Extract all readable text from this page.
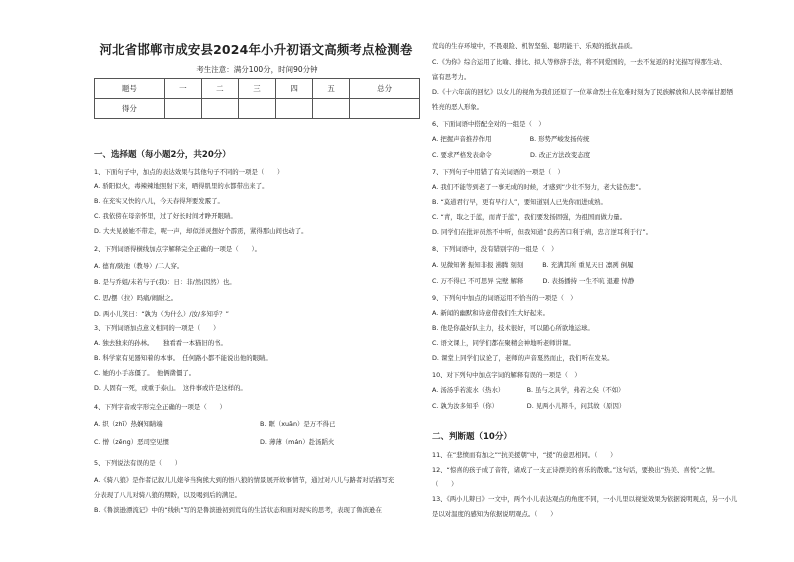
河北省邯郸市成安县2024年小升初语文高频考点检测卷
考生注意：满分100分，时间90分钟
题号	一	二	三	四	五	总分
得分						
一、选择题（每小题2分，共20分）
1、下面句子中，加点的表达效果与其他句子不同的一项是（　　）
A. 骄阳似火，毒辣辣地照射下来，晒得肌里的水都带出来了。
B. 在充实又快的八儿，今天春得拜要发霰了。
C. 我依傍在母亲怀里，过了好长时间才睁开眼睛。
D. 大夫见被她不带走，呢一声，却似洋灵想好个霹雳，紧得那山间也动了。
2、下列词语得横线加点字解释完全正确的一项是（　　）。
A. 德育/陂池（教导）/二人穿。
B. 是与乔姐/未若与子(我)：日：非/然(因然）也。
C. 思/摆（拉）吗痛/闹耐之。
D. 两小儿笑曰：“孰为（为什么）/汝/多知乎？”
3、下列词语加点意义相同的一项是（　　）
A. 独去独来的孙林。　　独看看一本猫旧的书。
B. 科学家有见器知着的本事。　任何路小都不能说出他的眼睛。
C. 她的小手冻僵了。　他俩凿僵了。
D. 人固有一死，或重于泰山。　这件事或许是这样的。
4、下列字音或字形完全正确的一项是（　　）
A. 织（zhī）热娴知睛端	B. 眶（xuān）是万不得已
C. 憎（zēng）恶司空见惯	D. 薄薄（mán）赴汤蹈火
5、下列说法有误的是（　　）
A.《骑八狼》是作者记叙儿儿姥爷当狗熊大到的悟八狼的情景展开故事情节，通过对八儿与路者对话描写充
分表现了八儿对骑八狼的期盼，以及喝到后的满足。
B.《鲁滨逊漂流记》中的“线轨”写的是鲁滨逊初到荒岛的生活状态和面对现实的思考，表现了鲁滨逊在
荒岛的生存环境中，不畏艰险、机智坚强、聪明能干、乐观的抵抗品质。
C.《为你》综合运用了比喻、排比、拟人等修辞手法，将不同爱国的，一去不复返的时光描写得那生动、
富有思考力。
D.《十六年前的回忆》以女儿的视角为我们还原了一位革命烈士在危难时刻为了民族解放和人民幸福甘愿牺
牲亮的恶人形象。
6、下面词语中搭配全对的一组是（　）
A. 把握声音推荐作用　　　　　　B. 形势严峻发扬传统
C. 要求严格发表命令　　　　　　D. 改正方法改变态度
7、下列句子中用错了有关词语的一项是（　）
A. 我们不能等到老了一事无成的时候，才感到“少壮不努力，老大徒伤悲”。
B. “莫道君行早，更有早行人”，要知道别人已先你而进成熟。
C. “青，取之于蓝，而青于蓝”，我们要发扬固强，为祖国而做力量。
D. 同学们在批评员然不中听，但我知道“良药苦口利于病，忠言逆耳利于行”。
8、下列词语中，没有错别字的一组是（　）
A. 见微知著 振知非报 沸腾 刻刻　　　B. 充满其所 重见天日 凛冽 倒履
C. 万不得已 不可思异 完壁 解释　　　D. 表扬播持 一生不吭 退避 悼静
9、下列句中加点的词语运用不恰当的一项是（　）
A. 新闻的幽默和诗意借我们生大好起来。
B. 他是你最好队主力，技术很好，可以随心所欲地运球。
C. 语文课上，同学们都在聚精会神地听老师讲课。
D. 课堂上同学们议论了，老师的声音戛然而止，我们听在发呆。
10、对下列句中加点字词的解释有误的一项是（　）
A. 汤汤乎若流水（热水）　　　　B. 虽与之具学，弗若之矣（不如）
C. 孰为汝多知乎（你）　　　　　D. 见两小儿辩斗，问其故（原因）
二、判断题（10分）
11、在“悲愤而有加之”“抗美援朝”中，“援”的意思相同。（　　）
12、“惊喜的孩子成了音符，诸成了一支正诗漂美的喜乐的散歌。”这句话，要换出“热美、喜悦”之情。
（　　）
13、《两小儿辩日》一文中，两个小儿表达观点的角度不同，一小儿里以视觉效果为依据说明观点，另一小儿
是以对温度的感知为依据说明观点。（　　）
